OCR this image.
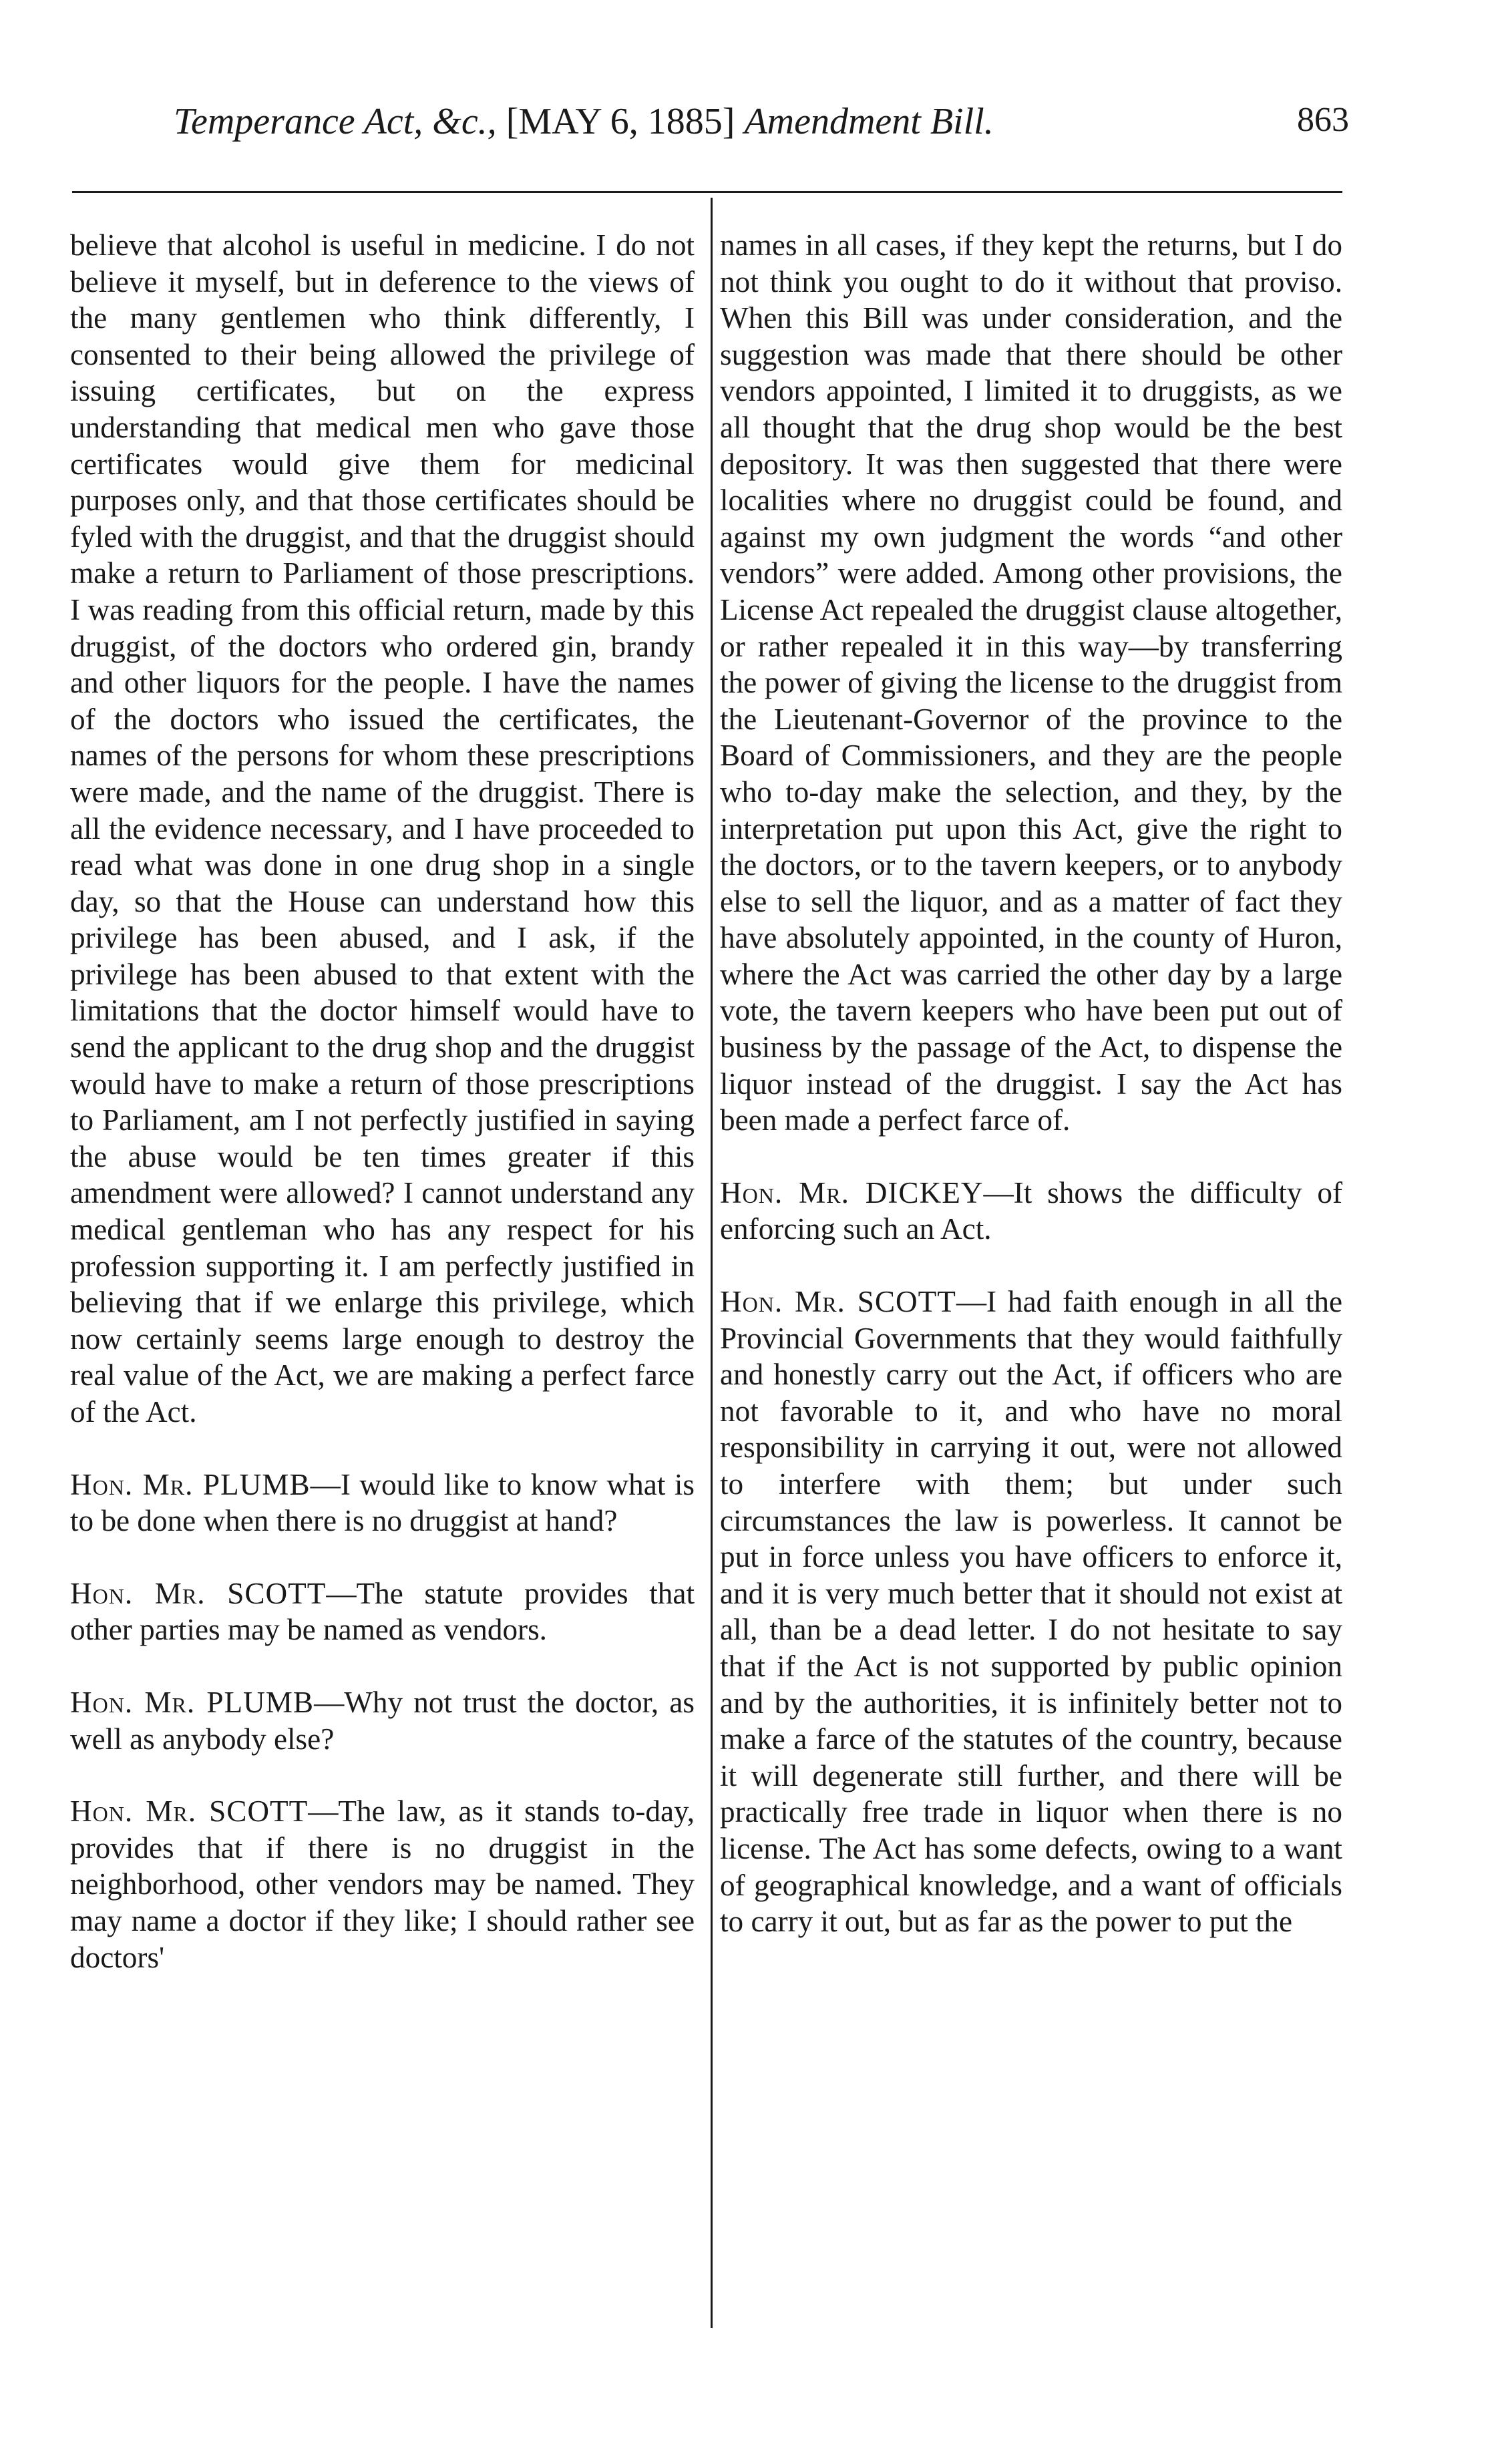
Temperance Act, &c., [MAY 6, 1885] Amendment Bill.	863

believe that alcohol is useful in medicine. I do not believe it myself, but in deference to the views of the many gentlemen who think differently, I consented to their being allowed the privilege of issuing certificates, but on the express understanding that medical men who gave those certificates would give them for medicinal purposes only, and that those certificates should be fyled with the druggist, and that the druggist should make a return to Parliament of those prescriptions. I was reading from this official return, made by this druggist, of the doctors who ordered gin, brandy and other liquors for the people. I have the names of the doctors who issued the certificates, the names of the persons for whom these prescriptions were made, and the name of the druggist. There is all the evidence necessary, and I have proceeded to read what was done in one drug shop in a single day, so that the House can understand how this privilege has been abused, and I ask, if the privilege has been abused to that extent with the limitations that the doctor himself would have to send the applicant to the drug shop and the druggist would have to make a return of those prescriptions to Parliament, am I not perfectly justified in saying the abuse would be ten times greater if this amendment were allowed? I cannot understand any medical gentleman who has any respect for his profession supporting it. I am perfectly justified in believing that if we enlarge this privilege, which now certainly seems large enough to destroy the real value of the Act, we are making a perfect farce of the Act.

Hon. Mr. PLUMB—I would like to know what is to be done when there is no druggist at hand?

Hon. Mr. SCOTT—The statute provides that other parties may be named as vendors.

Hon. Mr. PLUMB—Why not trust the doctor, as well as anybody else?

Hon. Mr. SCOTT—The law, as it stands to-day, provides that if there is no druggist in the neighborhood, other vendors may be named. They may name a doctor if they like; I should rather see doctors'

names in all cases, if they kept the returns, but I do not think you ought to do it without that proviso. When this Bill was under consideration, and the suggestion was made that there should be other vendors appointed, I limited it to druggists, as we all thought that the drug shop would be the best depository. It was then suggested that there were localities where no druggist could be found, and against my own judgment the words “and other vendors” were added. Among other provisions, the License Act repealed the druggist clause altogether, or rather repealed it in this way—by transferring the power of giving the license to the druggist from the Lieutenant-Governor of the province to the Board of Commissioners, and they are the people who to-day make the selection, and they, by the interpretation put upon this Act, give the right to the doctors, or to the tavern keepers, or to anybody else to sell the liquor, and as a matter of fact they have absolutely appointed, in the county of Huron, where the Act was carried the other day by a large vote, the tavern keepers who have been put out of business by the passage of the Act, to dispense the liquor instead of the druggist. I say the Act has been made a perfect farce of.

Hon. Mr. DICKEY—It shows the difficulty of enforcing such an Act.

Hon. Mr. SCOTT—I had faith enough in all the Provincial Governments that they would faithfully and honestly carry out the Act, if officers who are not favorable to it, and who have no moral responsibility in carrying it out, were not allowed to interfere with them; but under such circumstances the law is powerless. It cannot be put in force unless you have officers to enforce it, and it is very much better that it should not exist at all, than be a dead letter. I do not hesitate to say that if the Act is not supported by public opinion and by the authorities, it is infinitely better not to make a farce of the statutes of the country, because it will degenerate still further, and there will be practically free trade in liquor when there is no license. The Act has some defects, owing to a want of geographical knowledge, and a want of officials to carry it out, but as far as the power to put the
